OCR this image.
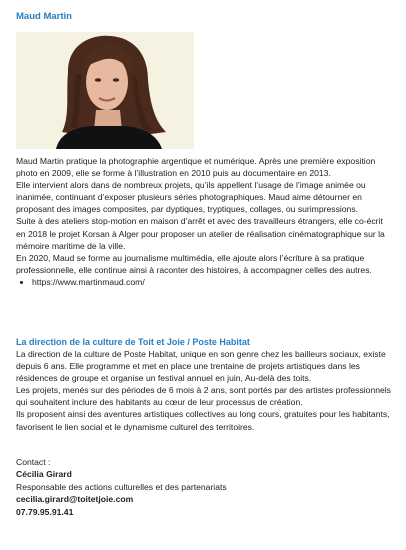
Maud Martin

Maud Martin pratique la photographie argentique et numérique. Après une première exposition photo en 2009, elle se forme à l’illustration en 2010 puis au documentaire en 2013.

Elle intervient alors dans de nombreux projets, qu’ils appellent l’usage de l’image animée ou inanimée, continuant d’exposer plusieurs séries photographiques. Maud aime détourner en proposant des images composites, par dyptiques, tryptiques, collages, ou surimpressions.

Suite à des ateliers stop-motion en maison d’arrêt et avec des travailleurs étrangers, elle co-écrit en 2018 le projet Korsan à Alger pour proposer un atelier de réalisation cinématographique sur la mémoire maritime de la ville.

En 2020, Maud se forme au journalisme multimédia, elle ajoute alors l’écriture à sa pratique professionnelle, elle continue ainsi à raconter des histoires, à accompagner celles des autres.

• https://www.martinmaud.com/
La direction de la culture de Toit et Joie / Poste Habitat

La direction de la culture de Poste Habitat, unique en son genre chez les bailleurs sociaux, existe depuis 6 ans. Elle programme et met en place une trentaine de projets artistiques dans les résidences de groupe et organise un festival annuel en juin, Au-delà des toits.

Les projets, menés sur des périodes de 6 mois à 2 ans, sont portés par des artistes professionnels qui souhaitent inclure des habitants au cœur de leur processus de création.

Ils proposent ainsi des aventures artistiques collectives au long cours, gratuites pour les habitants, favorisent le lien social et le dynamisme culturel des territoires.

Contact :
Cécilia Girard
Responsable des actions culturelles et des partenariats
cecilia.girard@toitetjoie.com
07.79.95.91.41
